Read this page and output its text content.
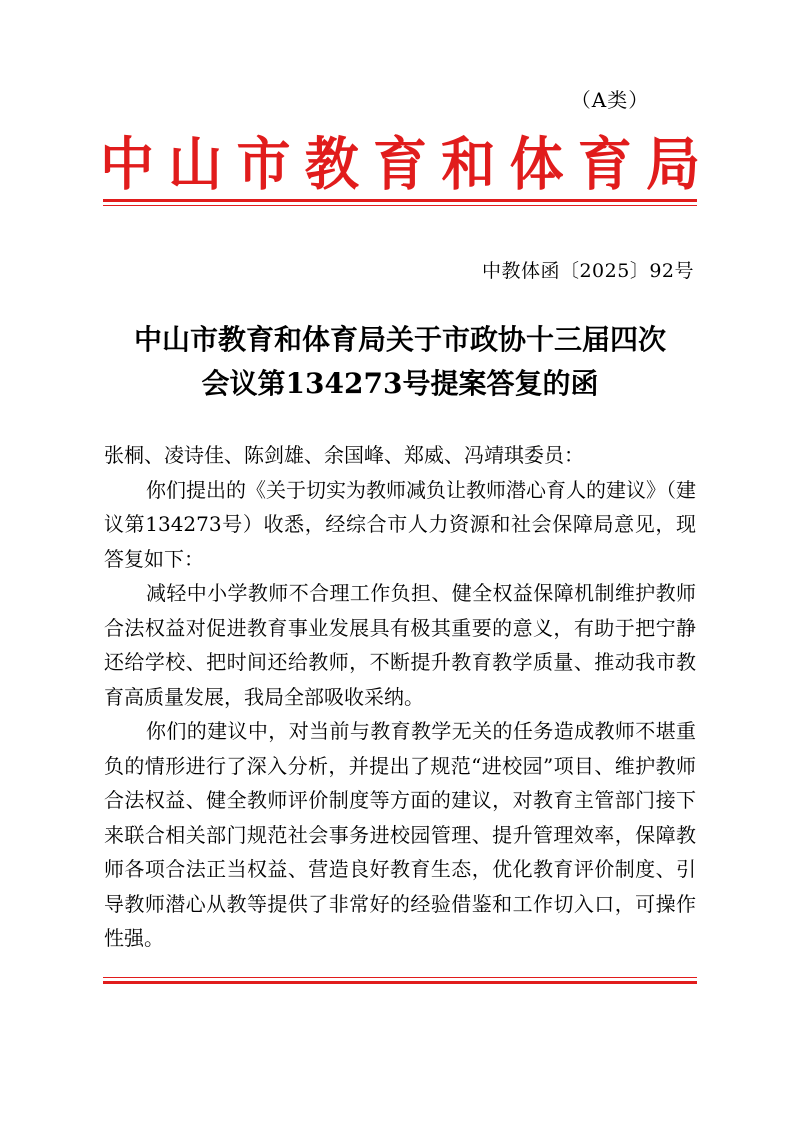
（A类）
中 山 市 教 育 和 体 育 局
中教体函〔2025〕92号
中山市教育和体育局关于市政协十三届四次
会议第134273号提案答复的函

张桐、凌诗佳、陈剑雄、余国峰、郑威、冯靖琪委员：

你们提出的《关于切实为教师减负让教师潜心育人的建议》（建议第134273号）收悉，经综合市人力资源和社会保障局意见，现答复如下：

减轻中小学教师不合理工作负担、健全权益保障机制维护教师合法权益对促进教育事业发展具有极其重要的意义，有助于把宁静还给学校、把时间还给教师，不断提升教育教学质量、推动我市教育高质量发展，我局全部吸收采纳。

你们的建议中，对当前与教育教学无关的任务造成教师不堪重负的情形进行了深入分析，并提出了规范“进校园”项目、维护教师合法权益、健全教师评价制度等方面的建议，对教育主管部门接下来联合相关部门规范社会事务进校园管理、提升管理效率，保障教师各项合法正当权益、营造良好教育生态，优化教育评价制度、引导教师潜心从教等提供了非常好的经验借鉴和工作切入口，可操作性强。
